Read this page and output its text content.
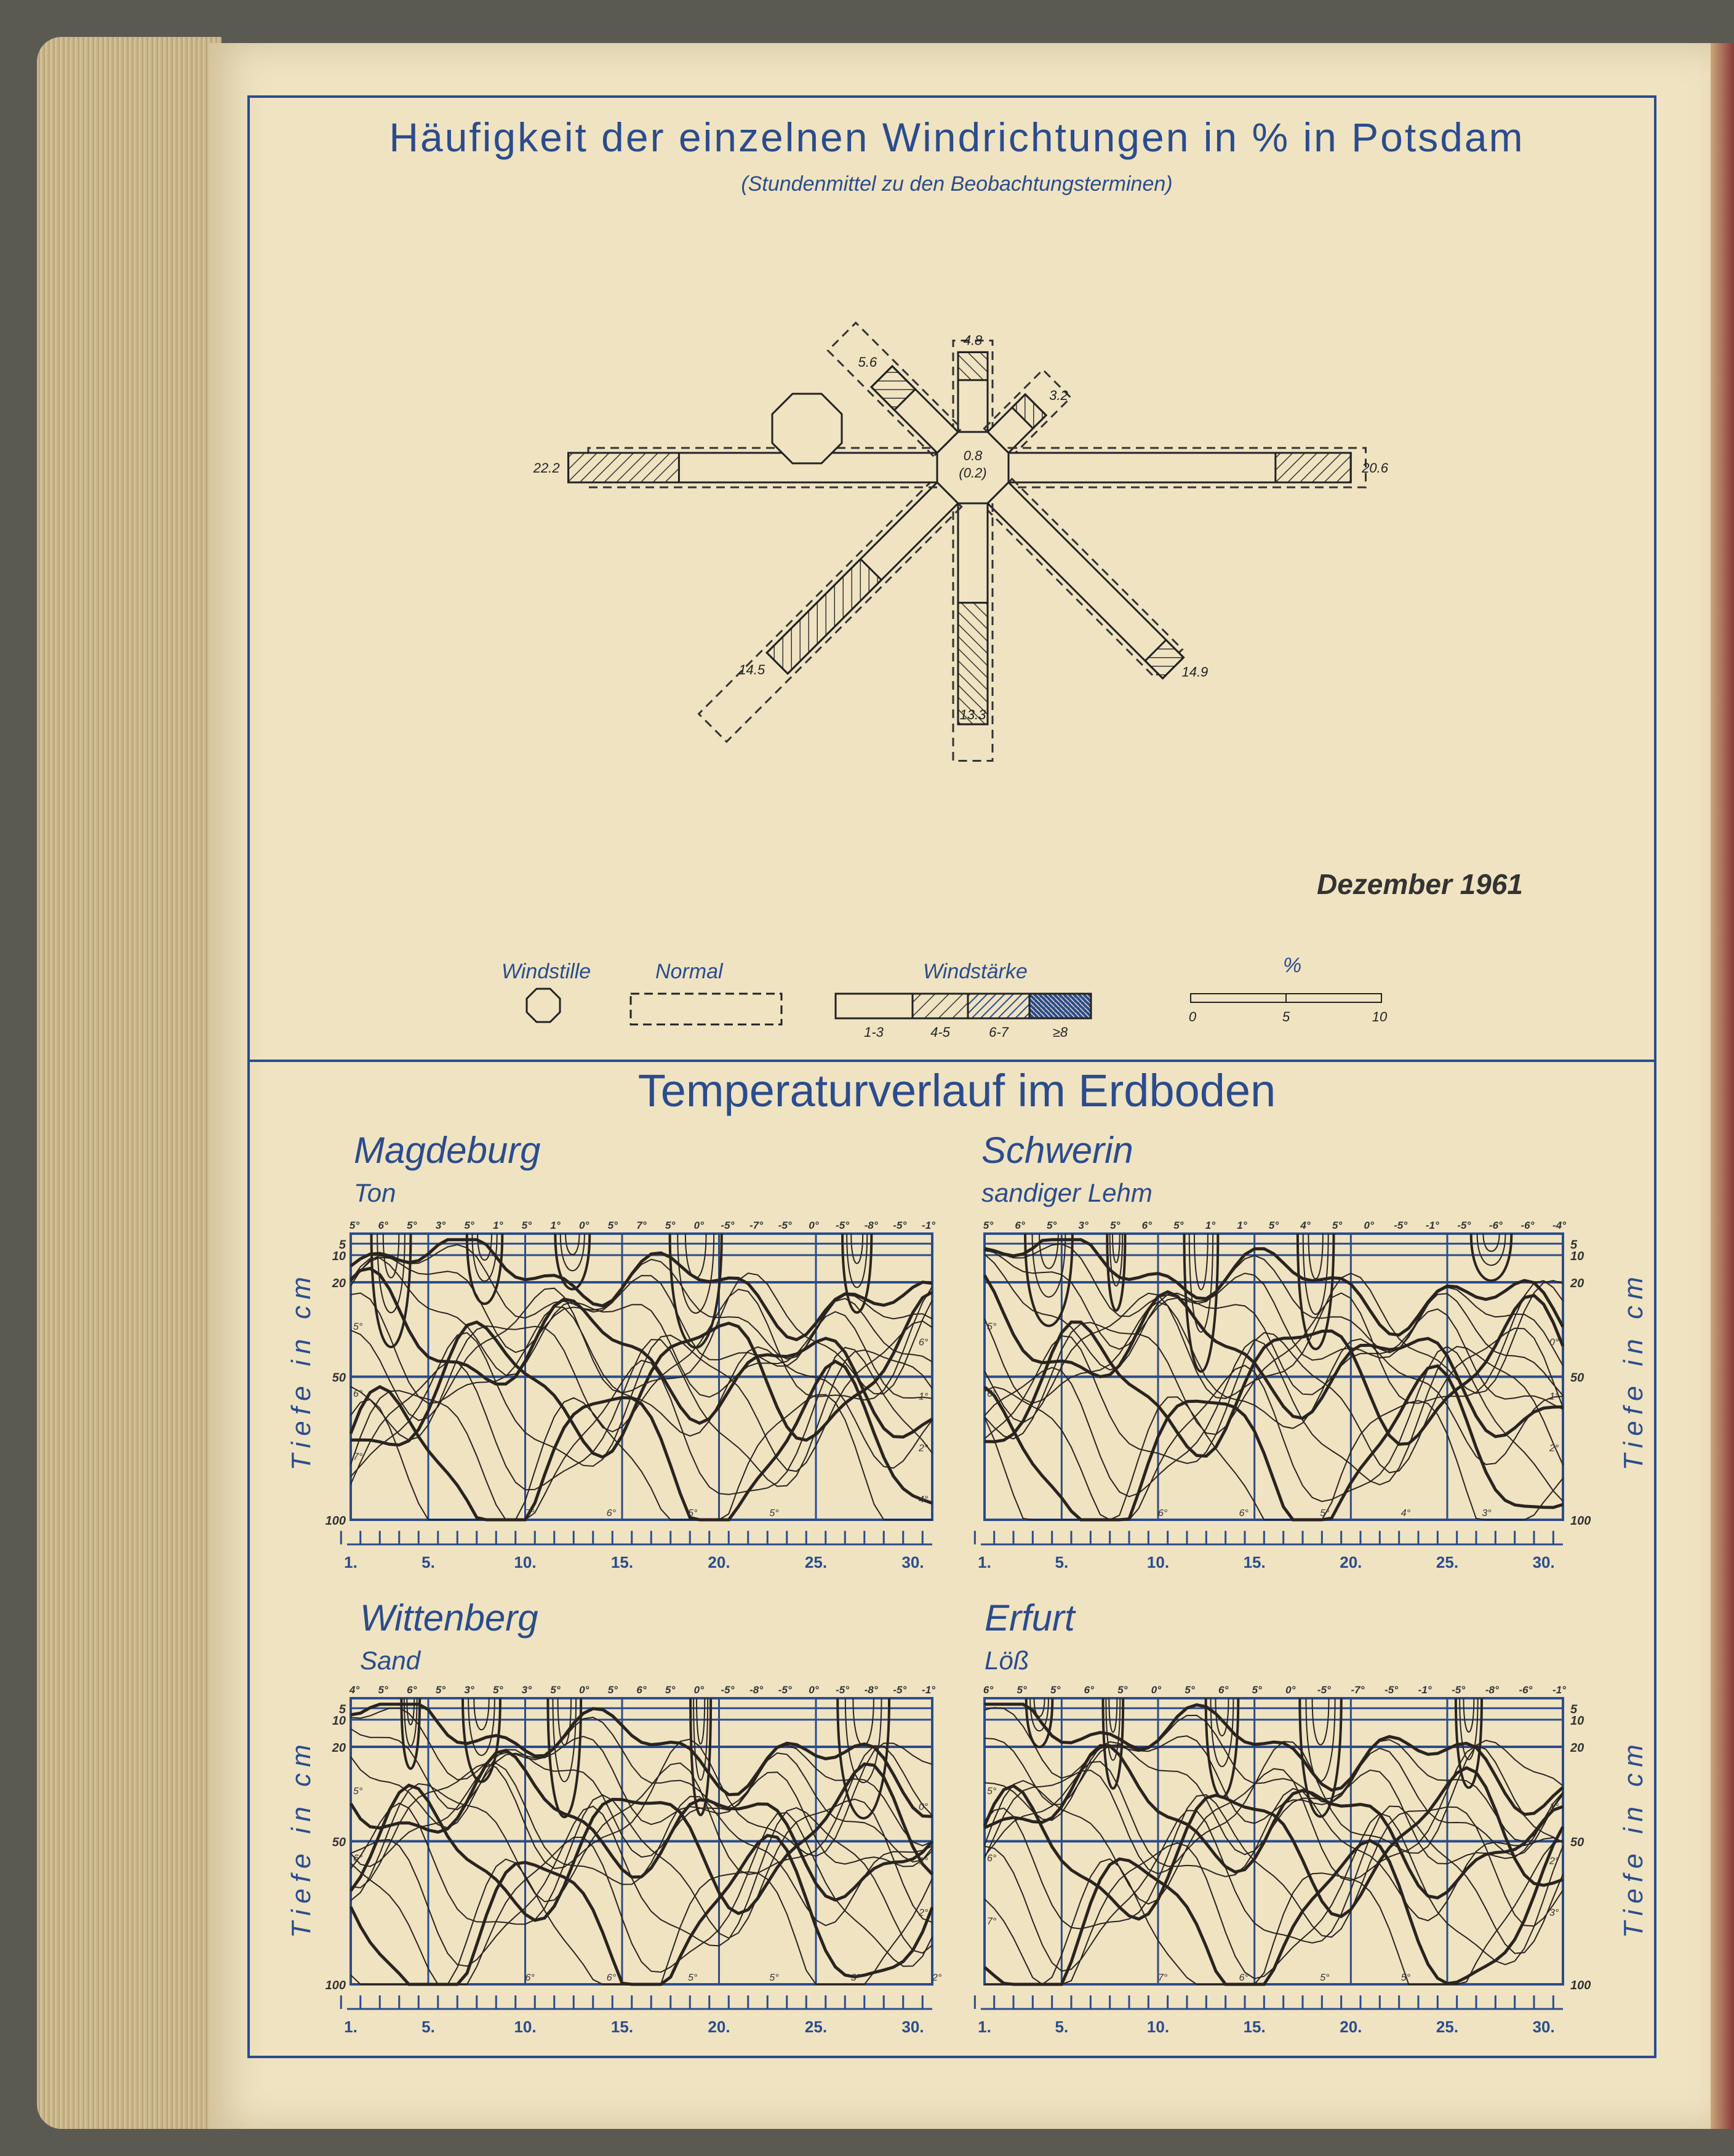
Häufigkeit der einzelnen Windrichtungen in % in Potsdam
(Stundenmittel zu den Beobachtungsterminen)
0.8
(0.2)
4.8
3.2
20.6
14.9
13.3
14.5
22.2
5.6
Dezember 1961
Windstille	Normal	Windstärke	%
1-3	4-5	6-7	≥8
0	5	10
Temperaturverlauf im Erdboden
Magdeburg
Ton
Schwerin
sandiger Lehm
Wittenberg
Sand
Erfurt
Löß
Tiefe in cm	Tiefe in cm
Tiefe in cm	Tiefe in cm
5
10
20
50
100
5° 6° 5° 3° 5° 1° 5° 1° 0° 5° 7° 5° 0° -5° -7° -5° 0° -5° -8° -5° -1°
5°
6°
7°
6°
1°
2°
4°
7°	6°	5°	5°
1.	5.	10.	15.	20.	25.	30.
5
10
20
50
100
5° 6° 5° 3° 5° 6° 5° 1° 1° 5° 4° 5° 0° -5° -1° -5° -6° -6° -4°
5°
6°
0°
1°
2°
6°	6°	5°	4°	3°
1.	5.	10.	15.	20.	25.	30.
5
10
20
50
100
4° 5° 6° 5° 3° 5° 3° 5° 0° 5° 6° 5° 0° -5° -8° -5° 0° -5° -8° -5° -1°
5°
6°
0°
1°
2°
6°	6°	5°	5°	3°	2°
1.	5.	10.	15.	20.	25.	30.
5
10
20
50
100
6° 5° 5° 6° 5° 0° 5° 6° 5° 0° -5° -7° -5° -1° -5° -8° -6° -1°
5°
6°
7°
1°
2°
3°
7°	6°	5°	5°
1.	5.	10.	15.	20.	25.	30.
